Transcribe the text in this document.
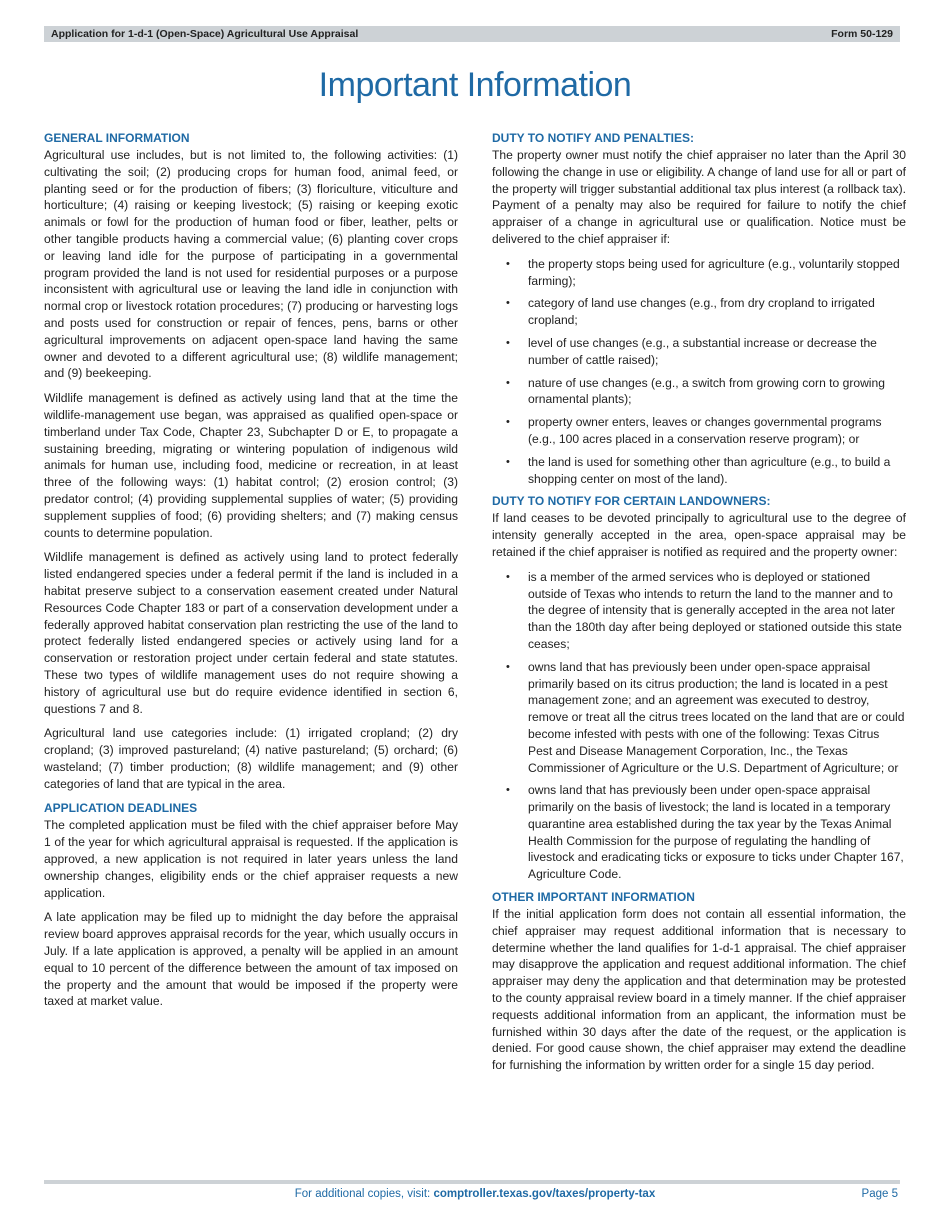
Application for 1-d-1 (Open-Space) Agricultural Use Appraisal	Form 50-129
Important Information
GENERAL INFORMATION

Agricultural use includes, but is not limited to, the following activities: (1) cultivating the soil; (2) producing crops for human food, animal feed, or planting seed or for the production of fibers; (3) floriculture, viticulture and horticulture; (4) raising or keeping livestock; (5) raising or keeping exotic animals or fowl for the production of human food or fiber, leather, pelts or other tangible products having a commercial value; (6) planting cover crops or leaving land idle for the purpose of participating in a governmental program provided the land is not used for residential purposes or a purpose inconsistent with agricultural use or leaving the land idle in conjunction with normal crop or livestock rotation procedures; (7) producing or harvesting logs and posts used for construction or repair of fences, pens, barns or other agricultural improvements on adjacent open-space land having the same owner and devoted to a different agricultural use; (8) wildlife management; and (9) beekeeping.

Wildlife management is defined as actively using land that at the time the wildlife-management use began, was appraised as qualified open-space or timberland under Tax Code, Chapter 23, Subchapter D or E, to propagate a sustaining breeding, migrating or wintering population of indigenous wild animals for human use, including food, medicine or recreation, in at least three of the following ways: (1) habitat control; (2) erosion control; (3) predator control; (4) providing supplemental supplies of water; (5) providing supplement supplies of food; (6) providing shelters; and (7) making census counts to determine population.

Wildlife management is defined as actively using land to protect federally listed endangered species under a federal permit if the land is included in a habitat preserve subject to a conservation easement created under Natural Resources Code Chapter 183 or part of a conservation development under a federally approved habitat conservation plan restricting the use of the land to protect federally listed endangered species or actively using land for a conservation or restoration project under certain federal and state statutes. These two types of wildlife management uses do not require showing a history of agricultural use but do require evidence identified in section 6, questions 7 and 8.

Agricultural land use categories include: (1) irrigated cropland; (2) dry cropland; (3) improved pastureland; (4) native pastureland; (5) orchard; (6) wasteland; (7) timber production; (8) wildlife management; and (9) other categories of land that are typical in the area.

APPLICATION DEADLINES

The completed application must be filed with the chief appraiser before May 1 of the year for which agricultural appraisal is requested. If the application is approved, a new application is not required in later years unless the land ownership changes, eligibility ends or the chief appraiser requests a new application.

A late application may be filed up to midnight the day before the appraisal review board approves appraisal records for the year, which usually occurs in July. If a late application is approved, a penalty will be applied in an amount equal to 10 percent of the difference between the amount of tax imposed on the property and the amount that would be imposed if the property were taxed at market value.

DUTY TO NOTIFY AND PENALTIES:

The property owner must notify the chief appraiser no later than the April 30 following the change in use or eligibility. A change of land use for all or part of the property will trigger substantial additional tax plus interest (a rollback tax). Payment of a penalty may also be required for failure to notify the chief appraiser of a change in agricultural use or qualification. Notice must be delivered to the chief appraiser if:

• the property stops being used for agriculture (e.g., voluntarily stopped farming);
• category of land use changes (e.g., from dry cropland to irrigated cropland;
• level of use changes (e.g., a substantial increase or decrease the number of cattle raised);
• nature of use changes (e.g., a switch from growing corn to growing ornamental plants);
• property owner enters, leaves or changes governmental programs (e.g., 100 acres placed in a conservation reserve program); or
• the land is used for something other than agriculture (e.g., to build a shopping center on most of the land).
DUTY TO NOTIFY FOR CERTAIN LANDOWNERS:

If land ceases to be devoted principally to agricultural use to the degree of intensity generally accepted in the area, open-space appraisal may be retained if the chief appraiser is notified as required and the property owner:

• is a member of the armed services who is deployed or stationed outside of Texas who intends to return the land to the manner and to the degree of intensity that is generally accepted in the area not later than the 180th day after being deployed or stationed outside this state ceases;
• owns land that has previously been under open-space appraisal primarily based on its citrus production; the land is located in a pest management zone; and an agreement was executed to destroy, remove or treat all the citrus trees located on the land that are or could become infested with pests with one of the following: Texas Citrus Pest and Disease Management Corporation, Inc., the Texas Commissioner of Agriculture or the U.S. Department of Agriculture; or
• owns land that has previously been under open-space appraisal primarily on the basis of livestock; the land is located in a temporary quarantine area established during the tax year by the Texas Animal Health Commission for the purpose of regulating the handling of livestock and eradicating ticks or exposure to ticks under Chapter 167, Agriculture Code.
OTHER IMPORTANT INFORMATION

If the initial application form does not contain all essential information, the chief appraiser may request additional information that is necessary to determine whether the land qualifies for 1-d-1 appraisal. The chief appraiser may disapprove the application and request additional information. The chief appraiser may deny the application and that determination may be protested to the county appraisal review board in a timely manner. If the chief appraiser requests additional information from an applicant, the information must be furnished within 30 days after the date of the request, or the application is denied. For good cause shown, the chief appraiser may extend the deadline for furnishing the information by written order for a single 15 day period.

For additional copies, visit: comptroller.texas.gov/taxes/property-tax	Page 5
